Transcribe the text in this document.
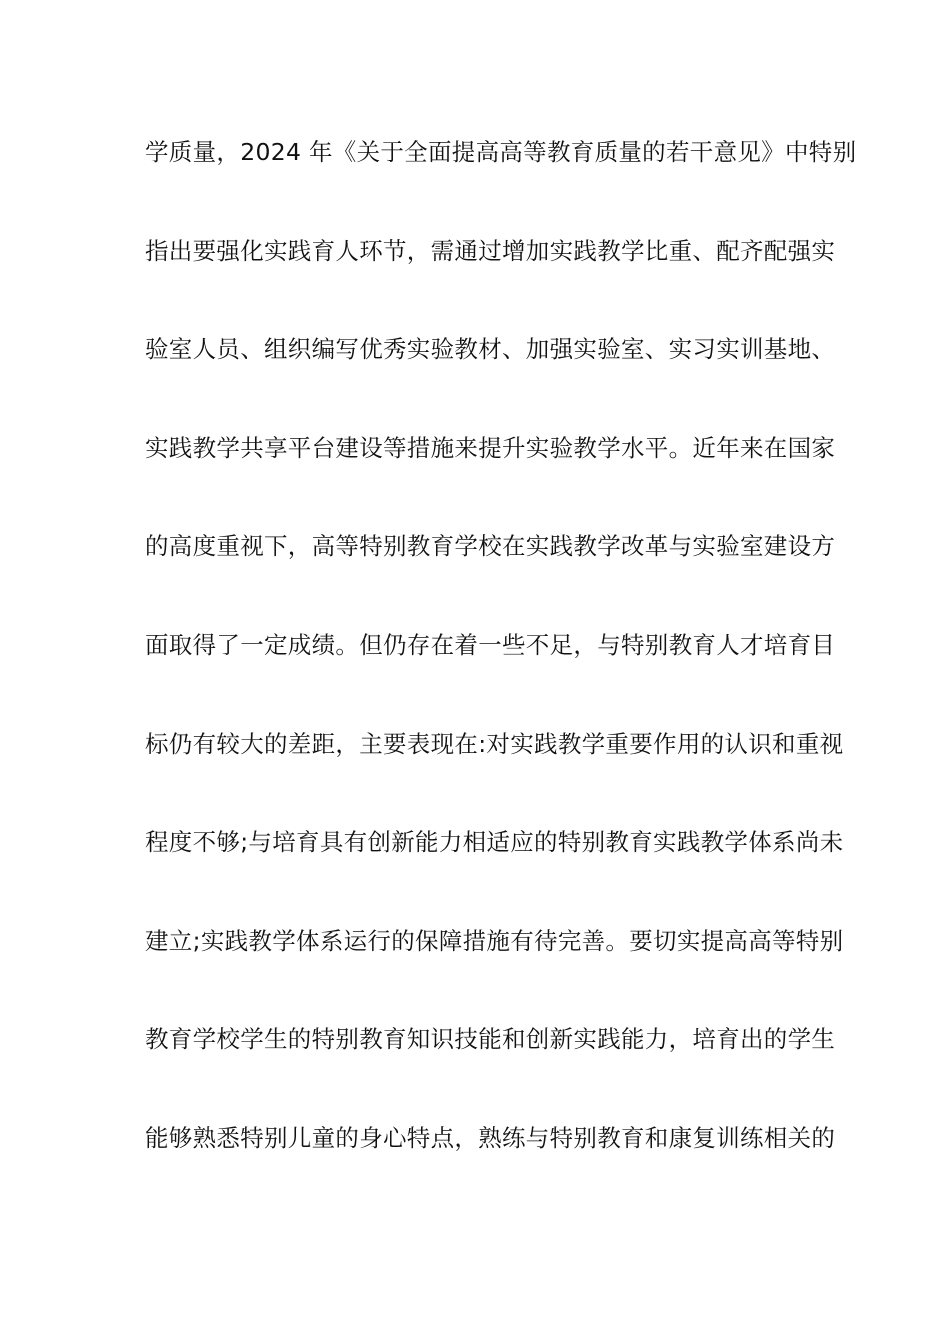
学质量，2024 年《关于全面提高高等教育质量的若干意见》中特别
指出要强化实践育人环节，需通过增加实践教学比重、配齐配强实
验室人员、组织编写优秀实验教材、加强实验室、实习实训基地、
实践教学共享平台建设等措施来提升实验教学水平。近年来在国家
的高度重视下，高等特别教育学校在实践教学改革与实验室建设方
面取得了一定成绩。但仍存在着一些不足，与特别教育人才培育目
标仍有较大的差距，主要表现在:对实践教学重要作用的认识和重视
程度不够;与培育具有创新能力相适应的特别教育实践教学体系尚未
建立;实践教学体系运行的保障措施有待完善。要切实提高高等特别
教育学校学生的特别教育知识技能和创新实践能力，培育出的学生
能够熟悉特别儿童的身心特点，熟练与特别教育和康复训练相关的
